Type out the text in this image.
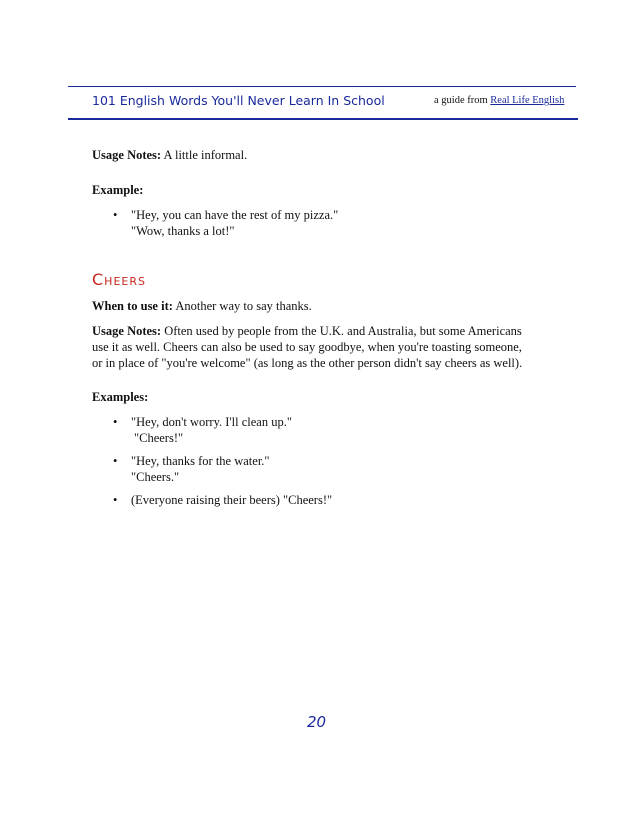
101 English Words You'll Never Learn In School	a guide from Real Life English
Usage Notes: A little informal.
Example:
• "Hey, you can have the rest of my pizza."
"Wow, thanks a lot!"
Cheers
When to use it: Another way to say thanks.
Usage Notes: Often used by people from the U.K. and Australia, but some Americans
use it as well. Cheers can also be used to say goodbye, when you're toasting someone,
or in place of "you're welcome" (as long as the other person didn't say cheers as well).
Examples:
• "Hey, don't worry. I'll clean up."
"Cheers!"
• "Hey, thanks for the water."
"Cheers."
• (Everyone raising their beers) "Cheers!"
20
